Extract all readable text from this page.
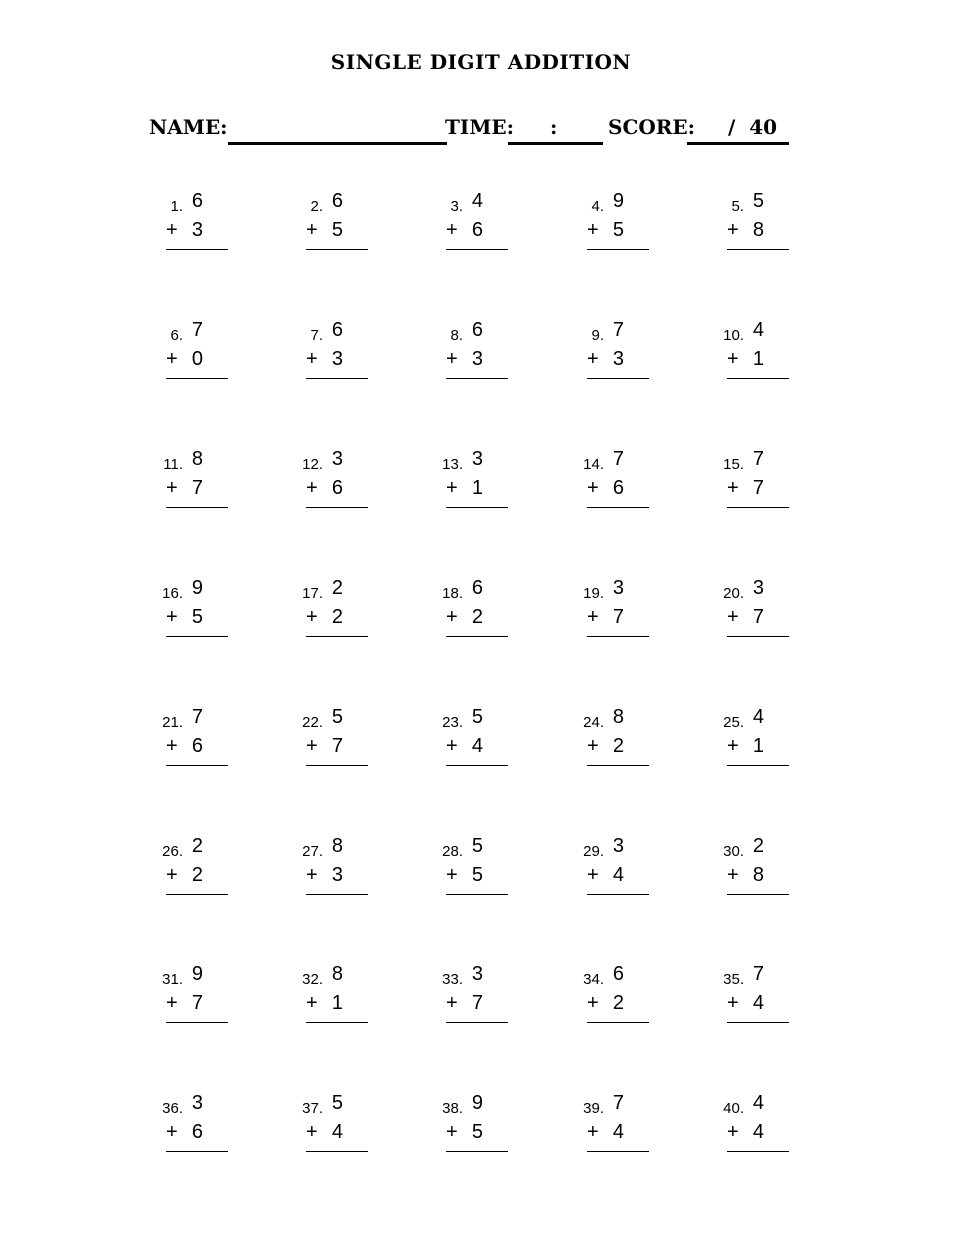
SINGLE DIGIT ADDITION
NAME:	TIME: :	SCORE: /  40
1. 6
+ 3
2. 6
+ 5
3. 4
+ 6
4. 9
+ 5
5. 5
+ 8
6. 7
+ 0
7. 6
+ 3
8. 6
+ 3
9. 7
+ 3
10. 4
+ 1
11. 8
+ 7
12. 3
+ 6
13. 3
+ 1
14. 7
+ 6
15. 7
+ 7
16. 9
+ 5
17. 2
+ 2
18. 6
+ 2
19. 3
+ 7
20. 3
+ 7
21. 7
+ 6
22. 5
+ 7
23. 5
+ 4
24. 8
+ 2
25. 4
+ 1
26. 2
+ 2
27. 8
+ 3
28. 5
+ 5
29. 3
+ 4
30. 2
+ 8
31. 9
+ 7
32. 8
+ 1
33. 3
+ 7
34. 6
+ 2
35. 7
+ 4
36. 3
+ 6
37. 5
+ 4
38. 9
+ 5
39. 7
+ 4
40. 4
+ 4
